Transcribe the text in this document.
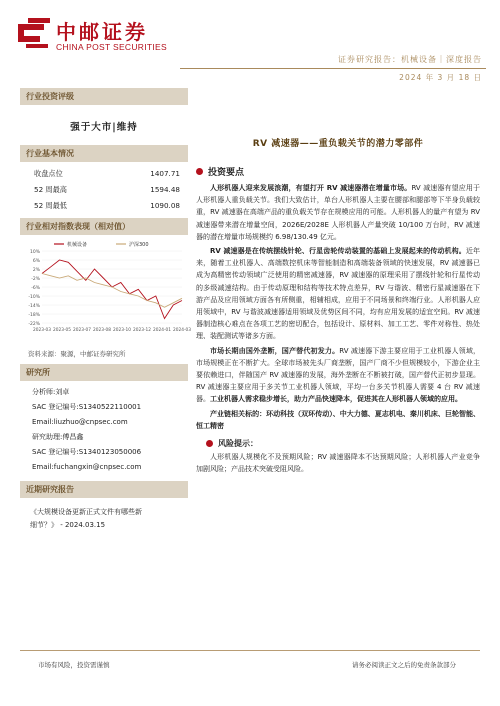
中邮证券
CHINA POST SECURITIES
证券研究报告：机械设备｜深度报告
2024 年 3 月 18 日
行业投资评级
强于大市|维持
行业基本情况
收盘点位	1407.71
52 周最高	1594.48
52 周最低	1090.08
行业相对指数表现（相对值）
10%
6%
2%
-2%
-6%
-10%
-14%
-18%
-22%
2023-03 2023-05 2023-07 2023-08 2023-10 2023-12 2024-01 2024-03
机械设备	沪深300
资料来源：聚源，中邮证券研究所
研究所
分析师:刘卓
SAC 登记编号:S1340522110001
Email:liuzhuo@cnpsec.com
研究助理:傅昌鑫
SAC 登记编号:S1340123050006
Email:fuchangxin@cnpsec.com
近期研究报告
《大规模设备更新正式文件有哪些新
细节？》 - 2024.03.15
RV 减速器——重负载关节的潜力零部件
投资要点

人形机器人迎来发展浪潮，有望打开 RV 减速器潜在增量市场。RV 减速器有望应用于人形机器人重负载关节。我们大致估计，单台人形机器人主要在腰部和腿部等下半身负载较重，RV 减速器在高端产品的重负载关节存在规模应用的可能。人形机器人的量产有望为 RV 减速器带来潜在增量空间，2026E/2028E 人形机器人产量突破 10/100 万台时，RV 减速器的潜在增量市场规模约 6.98/130.49 亿元。

RV 减速器是在传统摆线针轮、行星齿轮传动装置的基础上发展起来的传动机构。近年来，随着工业机器人、高端数控机床等智能制造和高端装备领域的快速发展，RV 减速器已成为高精密传动领域广泛使用的精密减速器，RV 减速器的原理采用了摆线针轮和行星传动的多级减速结构。由于传动原理和结构等技术特点差异，RV 与谐波、精密行星减速器在下游产品及应用领域方面各有所侧重，相辅相成，应用于不同场景和终端行业。人形机器人应用领域中，RV 与谐波减速器适用领域及优势区间不同，均有应用发展的适宜空间。RV 减速器制造核心难点在各项工艺的密切配合，包括设计、原材料、加工工艺、零件对称性、热处理、装配测试等诸多方面。

市场长期由国外垄断，国产替代初发力。RV 减速器下游主要应用于工业机器人领域，市场规模正在不断扩大。全球市场被先头厂商垄断，国产厂商不少但规模较小，下游企业主要依赖进口，伴随国产 RV 减速器的发展，海外垄断在不断被打破，国产替代正初步显现。RV 减速器主要应用于多关节工业机器人领域，平均一台多关节机器人需要 4 台 RV 减速器。工业机器人需求稳步增长，助力产品快速降本，促进其在人形机器人领域的应用。

产业链相关标的：环动科技（双环传动）、中大力德、夏志机电、秦川机床、巨轮智能、恒工精密

风险提示：

人形机器人规模化不及预期风险；RV 减速器降本不达预期风险；人形机器人产业竞争加剧风险；产品技术突破受阻风险。

市场有风险，投资需谨慎	请务必阅读正文之后的免责条款部分
